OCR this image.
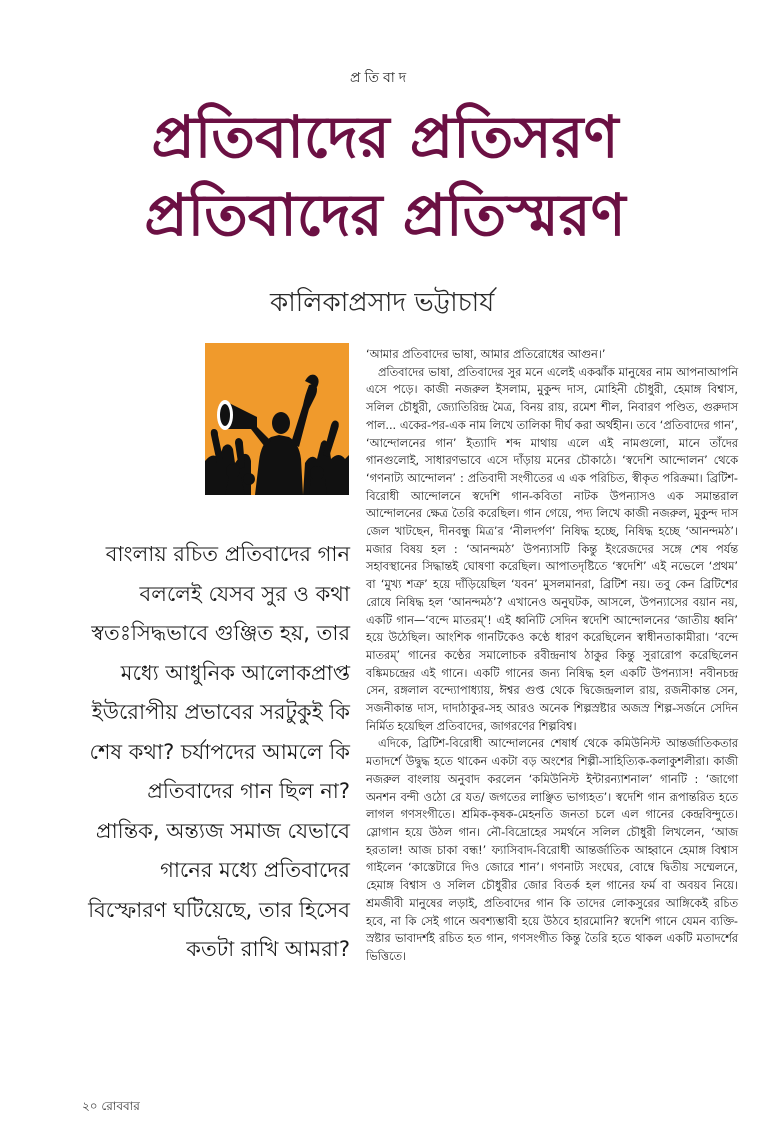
প্রতিবাদ
প্রতিবাদের প্রতিসরণ
প্রতিবাদের প্রতিস্মরণ
কালিকাপ্রসাদ ভট্টাচার্য
বাংলায় রচিত প্রতিবাদের গান বললেই যেসব সুর ও কথা স্বতঃসিদ্ধভাবে গুঞ্জিত হয়, তার মধ্যে আধুনিক আলোকপ্রাপ্ত ইউরোপীয় প্রভাবের সরটুকুই কি শেষ কথা? চর্যাপদের আমলে কি প্রতিবাদের গান ছিল না? প্রান্তিক, অন্ত্যজ সমাজ যেভাবে গানের মধ্যে প্রতিবাদের বিস্ফোরণ ঘটিয়েছে, তার হিসেব কতটা রাখি আমরা?

‘আমার প্রতিবাদের ভাষা, আমার প্রতিরোধের আগুন।’

প্রতিবাদের ভাষা, প্রতিবাদের সুর মনে এলেই একঝাঁক মানুষের নাম আপনাআপনি এসে পড়ে। কাজী নজরুল ইসলাম, মুকুন্দ দাস, মোহিনী চৌধুরী, হেমাঙ্গ বিশ্বাস, সলিল চৌধুরী, জ্যোতিরিন্দ্র মৈত্র, বিনয় রায়, রমেশ শীল, নিবারণ পণ্ডিত, গুরুদাস পাল... একের-পর-এক নাম লিখে তালিকা দীর্ঘ করা অর্থহীন। তবে ‘প্রতিবাদের গান’, ‘আন্দোলনের গান’ ইত্যাদি শব্দ মাথায় এলে এই নামগুলো, মানে তাঁদের গানগুলোই, সাধারণভাবে এসে দাঁড়ায় মনের চৌকাঠে। ‘স্বদেশি আন্দোলন’ থেকে ‘গণনাট্য আন্দোলন’ : প্রতিবাদী সংগীতের এ এক পরিচিত, স্বীকৃত পরিক্রমা। ব্রিটিশ-বিরোধী আন্দোলনে স্বদেশি গান-কবিতা নাটক উপন্যাসও এক সমান্তরাল আন্দোলনের ক্ষেত্র তৈরি করেছিল। গান গেয়ে, পদ্য লিখে কাজী নজরুল, মুকুন্দ দাস জেল খাটছেন, দীনবন্ধু মিত্র’র ‘নীলদর্পণ’ নিষিদ্ধ হচ্ছে, নিষিদ্ধ হচ্ছে ‘আনন্দমঠ’। মজার বিষয় হল : ‘আনন্দমঠ’ উপন্যাসটি কিন্তু ইংরেজদের সঙ্গে শেষ পর্যন্ত সহাবস্থানের সিদ্ধান্তই ঘোষণা করেছিল। আপাতদৃষ্টিতে ‘স্বদেশি’ এই নভেলে ‘প্রথম’ বা ‘মুখ্য শত্রু’ হয়ে দাঁড়িয়েছিল ‘যবন’ মুসলমানরা, ব্রিটিশ নয়। তবু কেন ব্রিটিশের রোষে নিষিদ্ধ হল ‘আনন্দমঠ’? এখানেও অনুঘটক, আসলে, উপন্যাসের বয়ান নয়, একটি গান—‘বন্দে মাতরম্’! এই ধ্বনিটি সেদিন স্বদেশি আন্দোলনের ‘জাতীয় ধ্বনি’ হয়ে উঠেছিল। আংশিক গানটিকেও কণ্ঠে ধারণ করেছিলেন স্বাধীনতাকামীরা। ‘বন্দে মাতরম্’ গানের কণ্ঠের সমালোচক রবীন্দ্রনাথ ঠাকুর কিন্তু সুরারোপ করেছিলেন বঙ্কিমচন্দ্রের এই গানে। একটি গানের জন্য নিষিদ্ধ হল একটি উপন্যাস! নবীনচন্দ্র সেন, রঙ্গলাল বন্দ্যোপাধ্যায়, ঈশ্বর গুপ্ত থেকে দ্বিজেন্দ্রলাল রায়, রজনীকান্ত সেন, সজনীকান্ত দাস, দাদাঠাকুর-সহ আরও অনেক শিল্পস্রষ্টার অজস্র শিল্প-সর্জনে সেদিন নির্মিত হয়েছিল প্রতিবাদের, জাগরণের শিল্পবিশ্ব।

এদিকে, ব্রিটিশ-বিরোধী আন্দোলনের শেষার্ধ থেকে কমিউনিস্ট আন্তর্জাতিকতার মতাদর্শে উদ্বুদ্ধ হতে থাকেন একটা বড় অংশের শিল্পী-সাহিত্যিক-কলাকুশলীরা। কাজী নজরুল বাংলায় অনুবাদ করলেন ‘কমিউনিস্ট ইন্টারন্যাশনাল’ গানটি : ‘জাগো অনশন বন্দী ওঠো রে যত/ জগতের লাঞ্ছিত ভাগ্যহত’। স্বদেশি গান রূপান্তরিত হতে লাগল গণসংগীতে। শ্রমিক-কৃষক-মেহনতি জনতা চলে এল গানের কেন্দ্রবিন্দুতে। স্লোগান হয়ে উঠল গান। নৌ-বিদ্রোহের সমর্থনে সলিল চৌধুরী লিখলেন, ‘আজ হরতাল! আজ চাকা বন্ধ!’ ফ্যাসিবাদ-বিরোধী আন্তর্জাতিক আহ্বানে হেমাঙ্গ বিশ্বাস গাইলেন ‘কাস্তেটারে দিও জোরে শান’। গণনাট্য সংঘের, বোম্বে দ্বিতীয় সম্মেলনে, হেমাঙ্গ বিশ্বাস ও সলিল চৌধুরীর জোর বিতর্ক হল গানের ফর্ম বা অবয়ব নিয়ে। শ্রমজীবী মানুষের লড়াই, প্রতিবাদের গান কি তাদের লোকসুরের আঙ্গিকেই রচিত হবে, না কি সেই গানে অবশ্যম্ভাবী হয়ে উঠবে হারমোনি? স্বদেশি গানে যেমন ব্যক্তি-স্রষ্টার ভাবাদর্শই রচিত হত গান, গণসংগীত কিন্তু তৈরি হতে থাকল একটি মতাদর্শের ভিত্তিতে।

২০ রোববার
